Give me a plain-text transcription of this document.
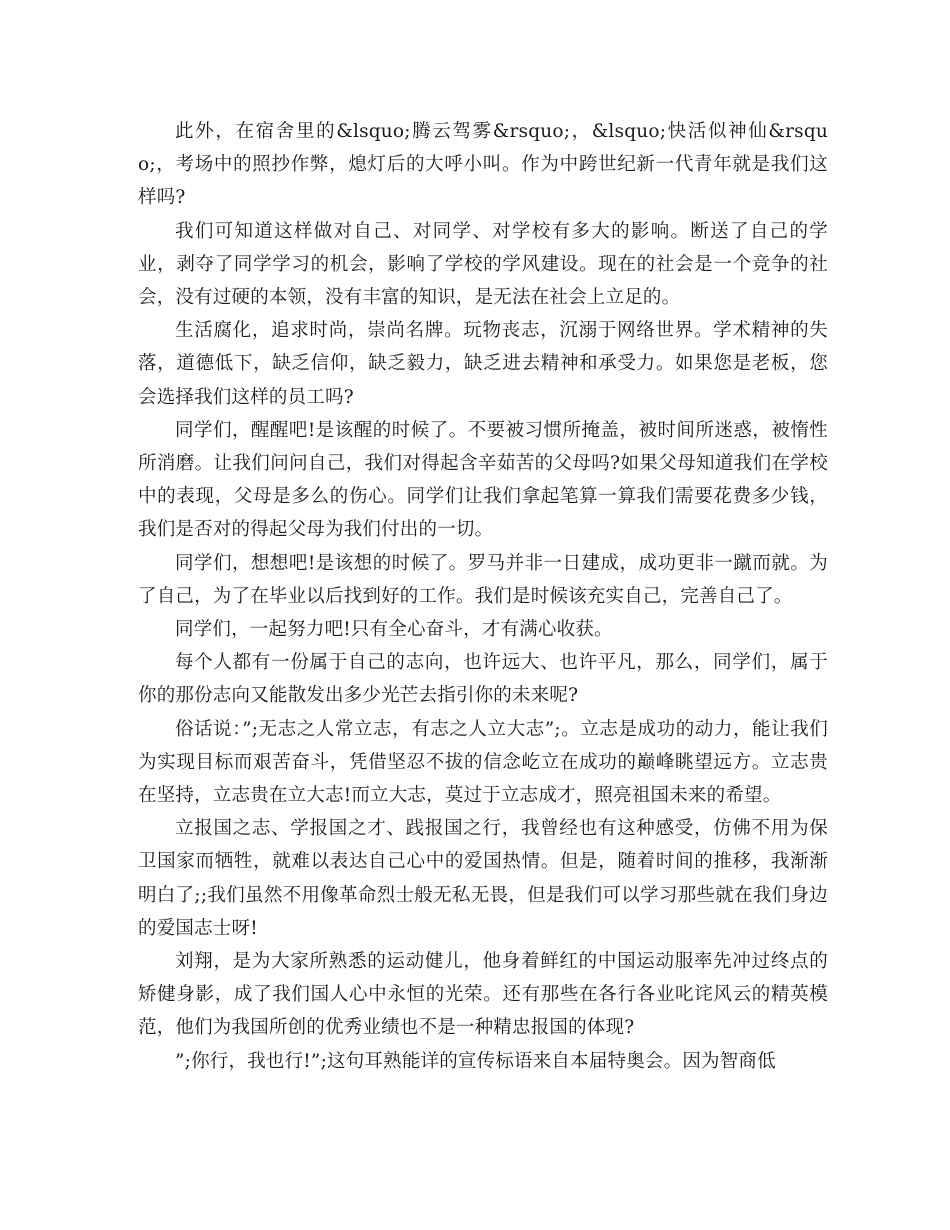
此外，在宿舍里的&lsquo;腾云驾雾&rsquo;，&lsquo;快活似神仙&rsquo;，考场中的照抄作弊，熄灯后的大呼小叫。作为中跨世纪新一代青年就是我们这样吗?

我们可知道这样做对自己、对同学、对学校有多大的影响。断送了自己的学业，剥夺了同学学习的机会，影响了学校的学风建设。现在的社会是一个竞争的社会，没有过硬的本领，没有丰富的知识，是无法在社会上立足的。

生活腐化，追求时尚，崇尚名牌。玩物丧志，沉溺于网络世界。学术精神的失落，道德低下，缺乏信仰，缺乏毅力，缺乏进去精神和承受力。如果您是老板，您会选择我们这样的员工吗?

同学们，醒醒吧!是该醒的时候了。不要被习惯所掩盖，被时间所迷惑，被惰性所消磨。让我们问问自己，我们对得起含辛茹苦的父母吗?如果父母知道我们在学校中的表现，父母是多么的伤心。同学们让我们拿起笔算一算我们需要花费多少钱，我们是否对的得起父母为我们付出的一切。

同学们，想想吧!是该想的时候了。罗马并非一日建成，成功更非一蹴而就。为了自己，为了在毕业以后找到好的工作。我们是时候该充实自己，完善自己了。

同学们，一起努力吧!只有全心奋斗，才有满心收获。

每个人都有一份属于自己的志向，也许远大、也许平凡，那么，同学们，属于你的那份志向又能散发出多少光芒去指引你的未来呢?

俗话说：”;无志之人常立志，有志之人立大志”;。立志是成功的动力，能让我们为实现目标而艰苦奋斗，凭借坚忍不拔的信念屹立在成功的巅峰眺望远方。立志贵在坚持，立志贵在立大志!而立大志，莫过于立志成才，照亮祖国未来的希望。

立报国之志、学报国之才、践报国之行，我曾经也有这种感受，仿佛不用为保卫国家而牺牲，就难以表达自己心中的爱国热情。但是，随着时间的推移，我渐渐明白了;;我们虽然不用像革命烈士般无私无畏，但是我们可以学习那些就在我们身边的爱国志士呀!

刘翔，是为大家所熟悉的运动健儿，他身着鲜红的中国运动服率先冲过终点的矫健身影，成了我们国人心中永恒的光荣。还有那些在各行各业叱诧风云的精英模范，他们为我国所创的优秀业绩也不是一种精忠报国的体现?

”;你行，我也行!”;这句耳熟能详的宣传标语来自本届特奥会。因为智商低
